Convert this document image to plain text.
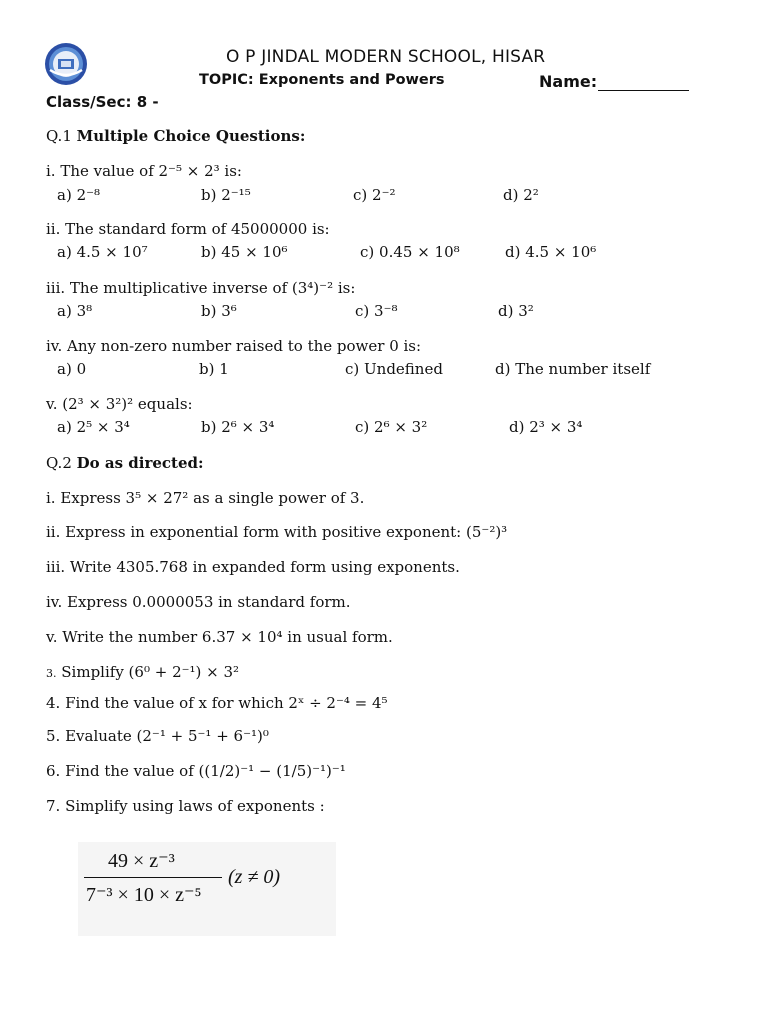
O P JINDAL MODERN SCHOOL, HISAR
TOPIC: Exponents and Powers	Name:
Class/Sec: 8 -
Q.1 Multiple Choice Questions:
i. The value of 2⁻⁵ × 2³ is:
a) 2⁻⁸	b) 2⁻¹⁵	c) 2⁻²	d) 2²
ii. The standard form of 45000000 is:
a) 4.5 × 10⁷	b) 45 × 10⁶	c) 0.45 × 10⁸	d) 4.5 × 10⁶
iii. The multiplicative inverse of (3⁴)⁻² is:
a) 3⁸	b) 3⁶	c) 3⁻⁸	d) 3²
iv. Any non-zero number raised to the power 0 is:
a) 0	b) 1	c) Undefined	d) The number itself
v. (2³ × 3²)² equals:
a) 2⁵ × 3⁴	b) 2⁶ × 3⁴	c) 2⁶ × 3²	d) 2³ × 3⁴
Q.2 Do as directed:
i. Express 3⁵ × 27² as a single power of 3.
ii. Express in exponential form with positive exponent: (5⁻²)³
iii. Write 4305.768 in expanded form using exponents.
iv. Express 0.0000053 in standard form.
v. Write the number 6.37 × 10⁴ in usual form.
3. Simplify (6⁰ + 2⁻¹) × 3²
4. Find the value of x for which 2ˣ ÷ 2⁻⁴ = 4⁵
5. Evaluate (2⁻¹ + 5⁻¹ + 6⁻¹)⁰
6. Find the value of ((1/2)⁻¹ − (1/5)⁻¹)⁻¹
7. Simplify using laws of exponents :
49 × z⁻³
7⁻³ × 10 × z⁻⁵
(z ≠ 0)
